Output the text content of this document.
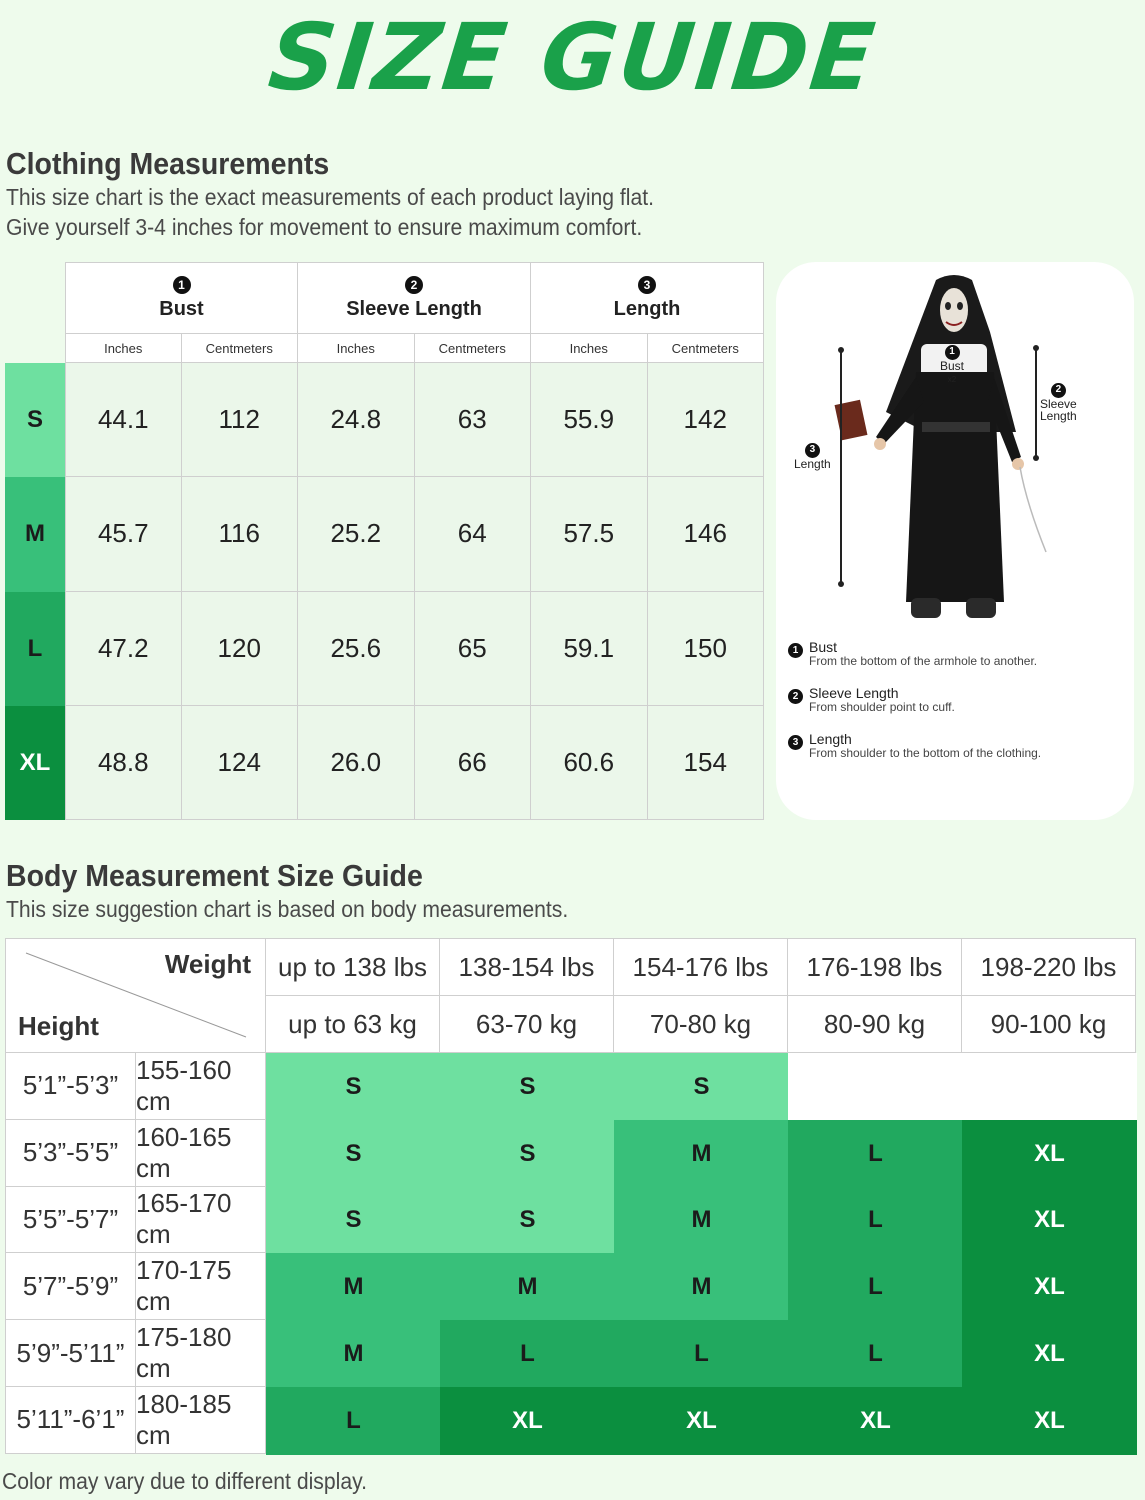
SIZE GUIDE
Clothing Measurements
This size chart is the exact measurements of each product laying flat.
Give yourself 3-4 inches for movement to ensure maximum comfort.
1
Bust
2
Sleeve Length
3
Length
Inches	Centmeters	Inches	Centmeters	Inches	Centmeters
S	44.1	112	24.8	63	55.9	142
M	45.7	116	25.2	64	57.5	146
L	47.2	120	25.6	65	59.1	150
XL	48.8	124	26.0	66	60.6	154
1
Bust
x2
2
Sleeve
Length
3
Length
1 Bust
From the bottom of the armhole to another.
2 Sleeve Length
From shoulder point to cuff.
3 Length
From shoulder to the bottom of the clothing.
Body Measurement Size Guide
This size suggestion chart is based on body measurements.
Weight
Height
up to 138 lbs	138-154 lbs	154-176 lbs	176-198 lbs	198-220 lbs
up to 63 kg	63-70 kg	70-80 kg	80-90 kg	90-100 kg
5’1”-5’3”
155-160 cm	S	S	S
5’3”-5’5”
160-165 cm	S	S	M	L	XL
5’5”-5’7”
165-170 cm	S	S	M	L	XL
5’7”-5’9”
170-175 cm	M	M	M	L	XL
5’9”-5’11”
175-180 cm	M	L	L	L	XL
5’11”-6’1”
180-185 cm	L	XL	XL	XL	XL
Color may vary due to different display.
